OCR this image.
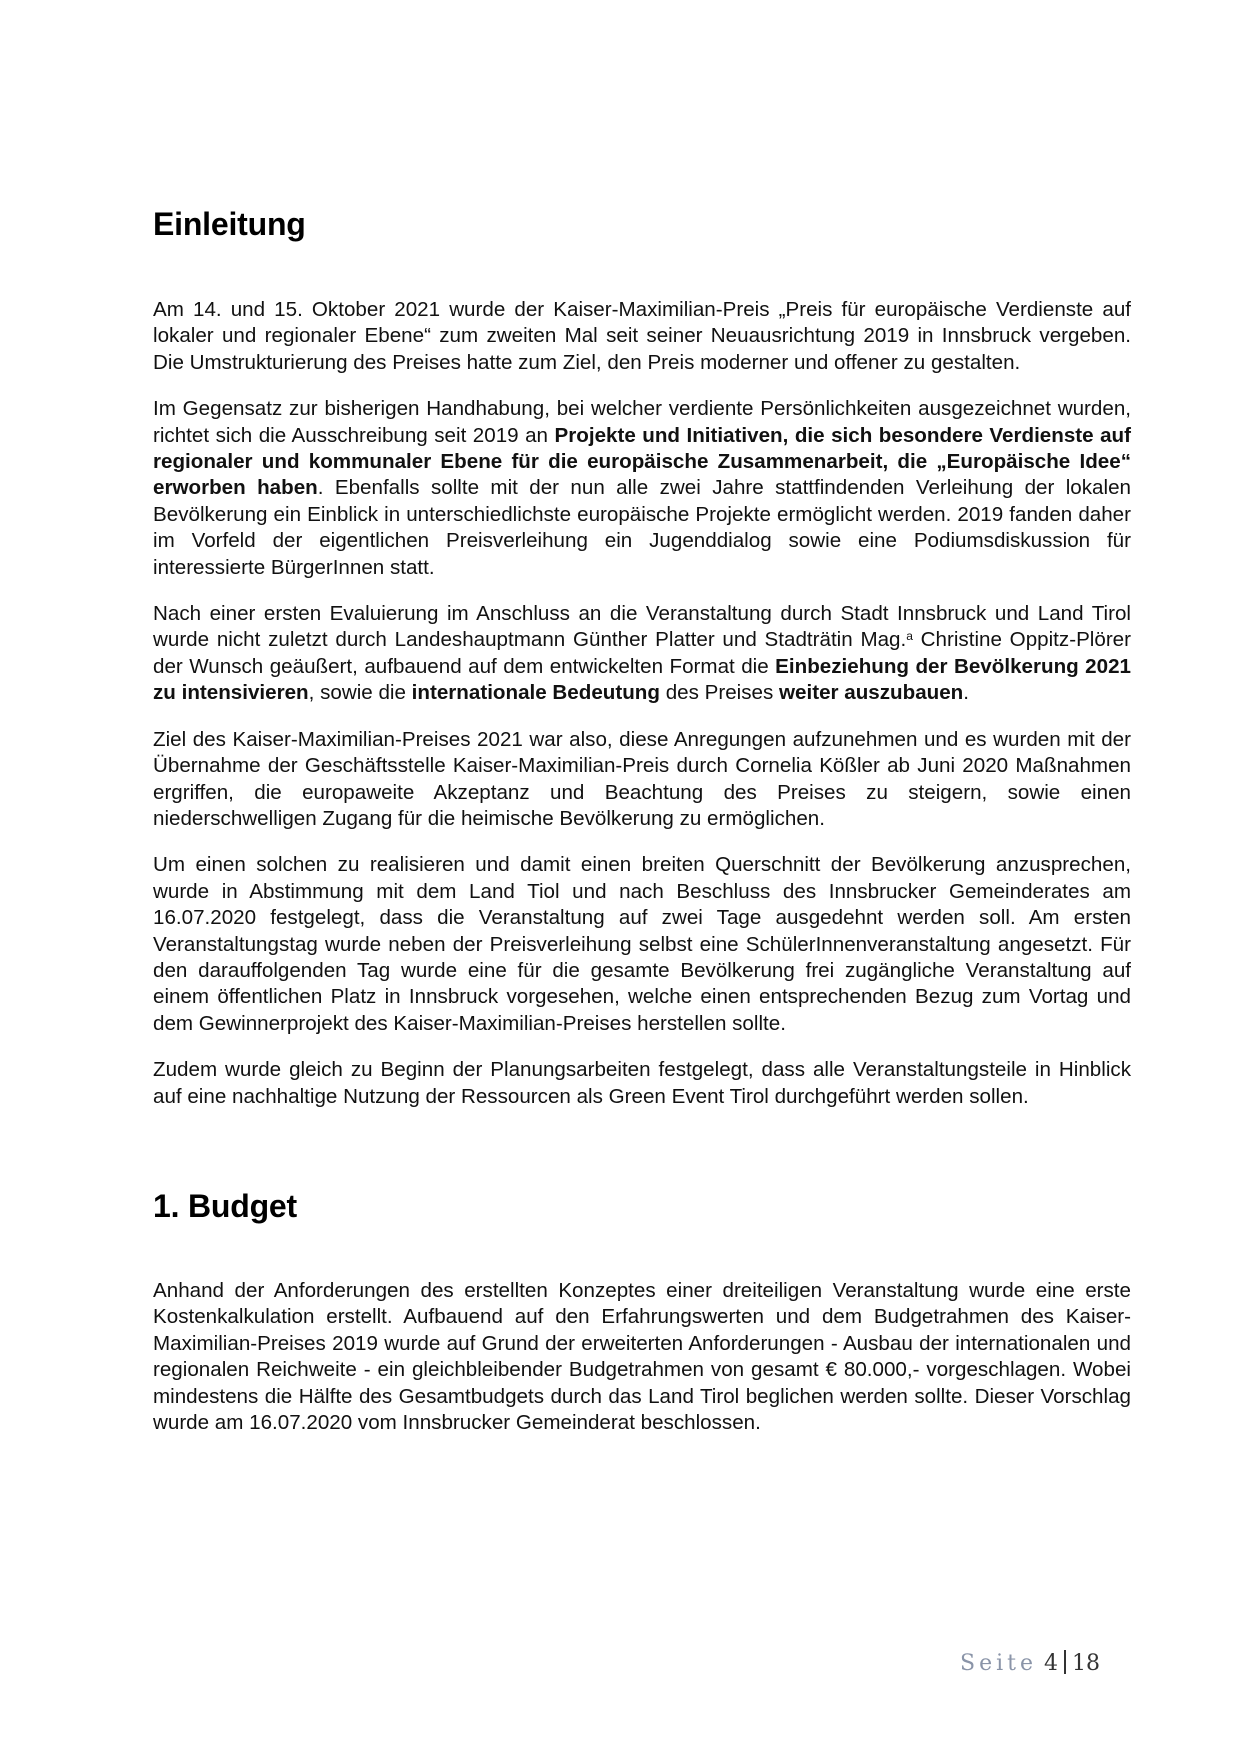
Einleitung

Am 14. und 15. Oktober 2021 wurde der Kaiser-Maximilian-Preis „Preis für europäische Verdienste auf lokaler und regionaler Ebene“ zum zweiten Mal seit seiner Neuausrichtung 2019 in Innsbruck vergeben. Die Umstrukturierung des Preises hatte zum Ziel, den Preis moderner und offener zu gestalten.

Im Gegensatz zur bisherigen Handhabung, bei welcher verdiente Persönlichkeiten ausgezeichnet wurden, richtet sich die Ausschreibung seit 2019 an Projekte und Initiativen, die sich besondere Verdienste auf regionaler und kommunaler Ebene für die europäische Zusammenarbeit, die „Europäische Idee“ erworben haben. Ebenfalls sollte mit der nun alle zwei Jahre stattfindenden Verleihung der lokalen Bevölkerung ein Einblick in unterschiedlichste europäische Projekte ermöglicht werden. 2019 fanden daher im Vorfeld der eigentlichen Preisverleihung ein Jugenddialog sowie eine Podiumsdiskussion für interessierte BürgerInnen statt.

Nach einer ersten Evaluierung im Anschluss an die Veranstaltung durch Stadt Innsbruck und Land Tirol wurde nicht zuletzt durch Landeshauptmann Günther Platter und Stadträtin Mag.$^a$ Christine Oppitz-Plörer der Wunsch geäußert, aufbauend auf dem entwickelten Format die Einbeziehung der Bevölkerung 2021 zu intensivieren, sowie die internationale Bedeutung des Preises weiter auszubauen.

Ziel des Kaiser-Maximilian-Preises 2021 war also, diese Anregungen aufzunehmen und es wurden mit der Übernahme der Geschäftsstelle Kaiser-Maximilian-Preis durch Cornelia Kößler ab Juni 2020 Maßnahmen ergriffen, die europaweite Akzeptanz und Beachtung des Preises zu steigern, sowie einen niederschwelligen Zugang für die heimische Bevölkerung zu ermöglichen.

Um einen solchen zu realisieren und damit einen breiten Querschnitt der Bevölkerung anzusprechen, wurde in Abstimmung mit dem Land Tiol und nach Beschluss des Innsbrucker Gemeinderates am 16.07.2020 festgelegt, dass die Veranstaltung auf zwei Tage ausgedehnt werden soll. Am ersten Veranstaltungstag wurde neben der Preisverleihung selbst eine SchülerInnenveranstaltung angesetzt. Für den darauffolgenden Tag wurde eine für die gesamte Bevölkerung frei zugängliche Veranstaltung auf einem öffentlichen Platz in Innsbruck vorgesehen, welche einen entsprechenden Bezug zum Vortag und dem Gewinnerprojekt des Kaiser-Maximilian-Preises herstellen sollte.

Zudem wurde gleich zu Beginn der Planungsarbeiten festgelegt, dass alle Veranstaltungsteile in Hinblick auf eine nachhaltige Nutzung der Ressourcen als Green Event Tirol durchgeführt werden sollen.

1. Budget

Anhand der Anforderungen des erstellten Konzeptes einer dreiteiligen Veranstaltung wurde eine erste Kostenkalkulation erstellt. Aufbauend auf den Erfahrungswerten und dem Budgetrahmen des Kaiser-Maximilian-Preises 2019 wurde auf Grund der erweiterten Anforderungen - Ausbau der internationalen und regionalen Reichweite - ein gleichbleibender Budgetrahmen von gesamt € 80.000,- vorgeschlagen. Wobei mindestens die Hälfte des Gesamtbudgets durch das Land Tirol beglichen werden sollte. Dieser Vorschlag wurde am 16.07.2020 vom Innsbrucker Gemeinderat beschlossen.

Seite 4 18
